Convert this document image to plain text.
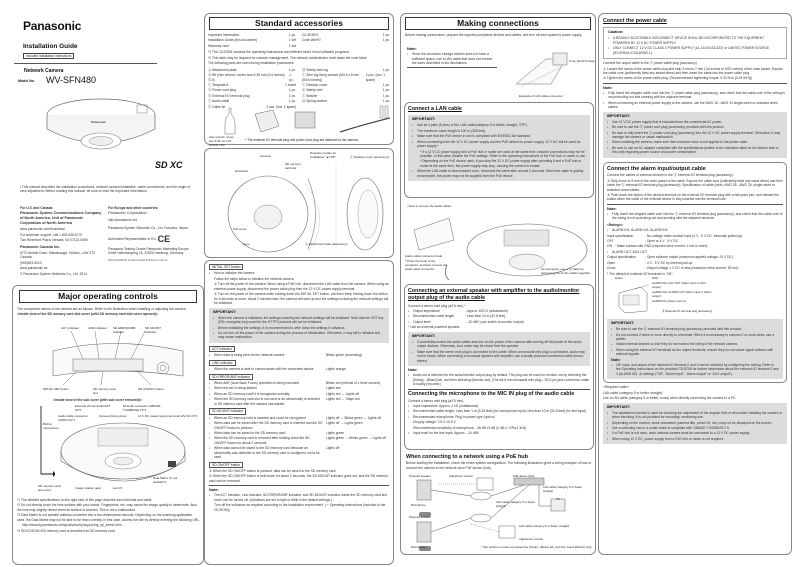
Panasonic
Installation Guide
Included Installation Instructions
Network Camera
Model No. WV-SFN480
Panasonic
SD XC
▪ This manual describes the installation procedures, network camera installation, cable connections, and the angle of view adjustment. Before reading this manual, be sure to read the Important Information.
For U.S. and Canada:
Panasonic System Communications Company of North America, Unit of Panasonic Corporation of North America
www.panasonic.com/business/
For customer support, call 1-800-528-6747
Two Riverfront Plaza, Newark, NJ 07102-5490
Panasonic Canada Inc.
5770 Ambler Drive, Mississauga, Ontario, L4W 2T3 Canada
(905)624-5010
www.panasonic.ca
© Panasonic System Networks Co., Ltd. 2014
For Europe and other countries:
Panasonic Corporation
http://panasonic.net
Panasonic System Networks Co., Ltd. Fukuoka, Japan
Authorised Representative in EU: CE
Panasonic Testing Centre Panasonic Marketing Europe GmbH Winsbergring 15, 22525 Hamburg, Germany
PGQX1669VA Cs1114-1126 Printed in China
Major operating controls
The component names of the camera are as follows. Refer to the illustration when installing or adjusting the camera.
<Inside view of the SD memory card slot cover (with SD memory card slot cover opened)>
ACT indicator	LINK indicator SD ERROR/ABF indicator
SD MOUNT indicator
INITIAL SET button	SD memory card slot
SD ON/OFF button
<Inside view of the sub cover (with sub cover removed)>
External I/O terminals EXT I/O*1
Network connector 10BASE-T/100BASE-TX*1
Audio cable connector AUDIO I/O*1
Camera fixing screw	12 V DC power supply terminal 12V DC IN*1
Built-in microphone
SD memory card slot cover
Image rotation gear	Lens*2
Data Matrix To our website*3
*1 The detailed specifications on the right side of this page describe each terminal and cable.
*2 Do not directly touch the lens surface with your hands. Fingerprints, etc. may cause the image quality to deteriorate. Also, the lens may slightly retract when its surface is touched. This is not a malfunction.
*3 Data Matrix is our website address converted into a two-dimensional barcode. Depending on the scanning application used, the Data Matrix may not be able to be read correctly. In this case, access the site by directly entering the following URL.
http://security.panasonic.com/pss/security/support/qr_sp_select.html
*4 SDXC/SDHC/SD memory card is described as SD memory card.
Standard accessories
Important Information	1 pc.
Installation Guide (this document)	1 set
Warranty card	1 set
CD-ROM*1	1 pc.
Code label*2	1 pc.
*1 The CD-ROM contains the operating instructions and different kinds of tool software programs.
*2 This label may be required for network management. The network administrator shall retain the code label.
The following parts are used during installation procedures.
Ⓐ Attachment plate	1 pc.
Ⓑ Bit (Hex wrench, screw size 6.35 mm {1/4 inches} T10)
1 pc.
Ⓒ Template A	1 sheet
Ⓓ Power cord plug	1 pc.
Ⓔ External I/O terminal plug	1 pc.
Ⓕ Audio cable	1 pc.
Ⓖ Cable tie	2 pcs. (incl. 1 spare)
Ⓗ Safety wire lug	1 pc.
Ⓘ Wire lug fixing screws (M3.5 x 8 mm {5/16 inches})
2 pcs. (incl. 1 spare)
Ⓙ Desktop cover	1 pc.
Ⓚ Safety wire	1 pc.
Ⓛ Washer	1 pc.
Ⓜ Spring washer	1 pc.
(Hex wrench, screw size 6.35 mm {1/4 inches} T10)
* The external I/O terminal plug and power cord plug are attached to the camera.
Camera
Direction marker for installation "▲TOP"	Ⓙ Desktop cover (accessory)
SD memory card slot
Enclosure
Sub cover
Lens	Ⓐ Attachment plate (accessory)
INITIAL SET button
▪ How to initialize the camera
Follow the steps below to initialize the network camera.
① Turn off the power of the camera. When using a PoE hub, disconnect the LAN cable from the camera. When using an external power supply, disconnect the power cable plug from the 12 V DC power supply terminal.
② Turn on the power of the camera while holding down the INITIAL SET button, and then keep holding down the button for 5 seconds or more. About 2 minutes later, the camera will start up and the settings including the network settings will be initialized.
IMPORTANT:
▪ When the camera is initialized, the settings including the network settings will be initialized. Note that the CRT key (SSL encryption key) used for the HTTPS protocol will not be initialized.
▪ Before initializing the settings, it is recommended to write down the settings in advance.
▪ Do not turn off the power of the camera during the process of initialization. Otherwise, it may fail to initialize and may cause malfunction.
ACT indicator
▪ When data is being sent via the network camera	Blinks green (accessing)
LINK indicator
▪ When the camera is able to communicate with the connected device	Lights orange
SD ERROR/ABF indicator
▪ When ABF (Auto Back Focus) operation is being executed	Blinks red (interval of 1 time/ second)
▪ When the set is being started	Lights red
▪ When an SD memory card*4 is recognized normally	Lights red → Lights off
▪ When the SD memory card slot is not used or an abnormality is detected in SD memory card after the camera has started
Lights red → Stays red
SD MOUNT indicator
▪ When an SD memory card is inserted and could be recognized	Lights off → Blinks green → Lights off
▪ When data can be saved after the SD memory card is inserted and the SD ON/OFF button is pressed
Lights off → Lights green
▪ When data can be saved to the SD memory card	Lights green
▪ When the SD memory card is removed after holding down the SD ON/OFF button for about 2 seconds
Lights green → Blinks green → Lights off
▪ When data cannot be saved to the SD memory card because an abnormality was detected or the SD memory card is configured not to be used
Lights off
SD ON/OFF button
① When the SD ON/OFF button is pressed, data can be saved to the SD memory card.
② When the SD ON/OFF button is held down for about 2 seconds, the SD MOUNT indicator goes out, and the SD memory card can be removed.
Note:
▪ The ACT indicator, Link indicator, SD ERROR/ABF indicator, and SD MOUNT indicator inside the SD memory card slot cover can be turned off. (Indicators are set to light or blink in the default settings.)
Turn off the indicators as required according to the installation environment. (☞ Operating Instructions (included in the CD-ROM))
Making connections
Before making connections, prepare the required peripheral devices and cables, and turn off each system's power supply.
Note:
▪ Since the connector storage section does not have a sufficient space, use a LAN cable that does not exceed the sizes described in the illustrations.	8 mm {11/32 inches}
Example of LAN cable connector
Connect a LAN cable
IMPORTANT:
▪ Use all 4 pairs (8 pins) of the LAN cable(category 5 or better, straight, STP).
▪ The maximum cable length is 100 m {328 feet}.
▪ Make sure that the PoE device in use is compliant with IEEE802.3af standard.
▪ When connecting both the 12 V DC power supply and the PoE device for power supply, 12 V DC will be used for power supply.*
* If a 12 V DC power supply and a PoE hub or router are used at the same time, network connections may not be possible. In this case, disable the PoE settings. Refer to the operating instructions of the PoE hub or router in use.
* Depending on the PoE device used, if you stop the 12 V DC power supply after operating it and a PoE hub or router at the same time, the power supply may stop, causing the camera to restart.
▪ When the LAN cable is disconnected once, reconnect the cable after around 2 seconds. When the cable is quickly reconnected, the power may not be supplied from the PoE device.
<How to remove the audio cable>
Audio cable connector hook
* Press the hook of the connector, and then remove the audio cable connector.	As necessary, use a Ⓖ cable tie (accessory) to tie the cables together.
Connecting an external speaker with amplifier to the audio/monitor output plug of the audio cable
Connect a stereo mini plug (ø3.5 mm).*
▪ Output impedance	: Approx. 600 Ω (unbalanced)
▪ Recommended cable length	: Less than 10 m {32.8 feet}
▪ Output level	: –20 dBV (can switch to monitor output)
* Use an external powered speaker.
IMPORTANT:
▪ Connect/disconnect the audio cables and turn on the power of the camera after turning off the power of the audio output devices. Otherwise, loud noise may be heard from the speaker.
▪ Make sure that the stereo mini plug is connected to this cable. When a monaural mini plug is connected, audio may not be heard. When connecting a monaural speaker with amplifier, use a locally procured conversion cable (mono-stereo).
Note:
▪ Audio out is selected for the audio/monitor output plug by default. The plug can be used for monitor out by selecting the [Setup]→[Basic] tab, and then selecting [Monitor out]. (The ø3.5 mm monaural mini plug⇔RCA pin jack conversion cable is locally procured.)
Connecting the microphone to the MIC IN plug of the audio cable
Connect a stereo mini plug (ø3.5 mm).
▪ Input impedance: Approx. 2 kΩ (unbalanced)
▪ Recommended cable length: Less than 1 m {3.28 feet} (for microphone input) Less than 10 m {32.8 feet} (for line input)
▪ Recommended microphone: Plug-in power type (option)
•Supply voltage: 2.5 V ±0.5 V
•Recommended sensitivity of microphone: –48 dB ±3 dB (0 dB=1 V/Pa,1 kHz)
▪ Input level for the line input: Approx. –10 dBV
When connecting to a network using a PoE hub
Before starting the installation, check the entire system configuration. The following illustration gives a wiring example of how to connect the camera to the network via a PoE device (hub).
Powered speaker	Adjustment monitor	PoE device (hub)
LAN cable (category 5 or better, straight)
PC
Microphone
LAN cable (category 5 or better, straight)
Powered speaker
LAN cable (category 5 or better, straight)
Adjustment monitor
Microphone	* Can switch to monitor out (select the [Setup]→[Basic] tab, and then select [Monitor out])
Connect the power cable
Caution:
▪ A READILY ACCESSIBLE DISCONNECT DEVICE SHALL BE INCORPORATED TO THE EQUIPMENT POWERED BY 12 V DC POWER SUPPLY.
▪ ONLY CONNECT 12 V DC CLASS 2 POWER SUPPLY (UL 1310/CSA 223) or LIMITED POWER SOURCE (IEC/EN/UL/CSA 60950-1).
Connect the output cable to the Ⓓ power cable plug (accessory).
① Loosen the screw of the power cable plug and strip 3 mm to 7 mm {1/8 inches to 9/32 inches} of the outer jacket. Expose the cable core (sufficiently twist any strand wires) and then insert the cable into the power cable plug.
② Tighten the screw of the power cable plug. (Recommended tightening torque: 0.34 N·m {0.25 lbf·ft})
Note:
▪ Fully insert the stripped cable core into the Ⓓ power cable plug (accessory), and check that the cable core of the wiring is not protruding out and shorting with the adjacent terminal.
▪ When connecting an external power supply to the camera, use the AWG 16 - AWG 24 single-wired or stranded wired cables.
IMPORTANT:
▪ Use 12 V DC power supply that is insulated from the commercial AC power.
▪ Be sure to use the Ⓓ power cord plug (accessory) provided with this product.
▪ Be sure to fully insert the Ⓓ power cord plug (accessory) into the 12 V DC power supply terminal. Otherwise, it may damage the camera or cause malfunction.
▪ When installing the camera, make sure that excessive force is not applied to the power cable.
▪ Be sure to use an AC adaptor compliant with the specifications (written in the indication label on the bottom side of this unit) regarding power source and power consumption.
Connect the alarm input/output cable
Connect the cables of external devices to the Ⓔ external I/O terminal plug (accessory).
① Strip 8 mm to 9 mm of the outer jacket of the cable. Expose the cable core (sufficiently twist any stand wires) and then insert the Ⓔ external I/O terminal plug (accessory). Specification of cable (wire): AWG 28 - AWG 26, single-wired or stranded wired cables.
② Push down the button of the desired terminal on the external I/O terminal plug with a ball-point pen, and release the button when the cable of the external device is fully inserted into the terminal hole.
Note:
▪ Fully insert the stripped cable core into the Ⓔ external I/O terminal plug (accessory), and check that the cable core of the wiring is not protruding out and shorting with the adjacent terminal.
<Ratings>
▪ ALARM IN1, ALARM IN2, ALARM IN3
Input specification	: No-voltage make contact input (4 V - 5 V DC, internally pulled up)
OFF	: Open or 4 V - 5 V DC
ON : Make contact with GND (required drive current: 1 mA or more)
▪ ALARM OUT, AUX OUT
Output specification	: Open collector output (maximum applied voltage: 20 V DC)
Open	: 4 V - 5 V DC by internal pull-up
Close	: Output voltage 1 V DC or less (maximum drive current: 50 mA)
* The default of external I/O terminals is "Off".
button	GND
ALARM IN3, AUX OUT (Alarm input 3, AUX output)
ALARM IN2, ALARM OUT (Alarm input 2, Alarm output)
ALARM IN1 (Alarm input 1)
Ⓔ External I/O terminal plug (accessory)
IMPORTANT:
▪ Be sure to use the Ⓔ external I/O terminal plug (accessory) provided with this product.
▪ Do not connect 2 wires or more directly to a terminal. When it is necessary to connect 2 or more wires, use a splitter.
▪ Install external devices so that they do not exceed the rating of the network camera.
▪ When using the external I/O terminals as the output terminals, ensure they do not cause signal collision with external signals.
Note:
▪ Off, input, and output of the external I/O terminal 2 and 3 can be switched by configuring the setting. Refer to the Operating Instructions on the provided CD-ROM for further information about the external I/O terminal 2 and 3 (ALARM IN2, 3) settings ("Off", "Alarm input", "Alarm output" or "AUX output").
<Required cable>
LAN cable (category 5 or better, straight)
Use a LAN cable (category 5 or better, cross) when directly connecting the camera to a PC.
IMPORTANT:
▪ The adjustment monitor is used for checking the adjustment of the angular field of view when installing the camera or when servicing. It is not provided for recording/ monitoring use.
▪ Depending on the monitor, some characters (camera title, preset ID, etc.) may not be displayed on the screen.
▪ Use a switching hub or a router which is compliant with 10BASE-T/100BASE-TX.
▪ If a PoE hub is not used, each network camera must be connected to a 12 V DC power supply.
▪ When using 12 V DC, power supply from a PoE hub or router is not required.
